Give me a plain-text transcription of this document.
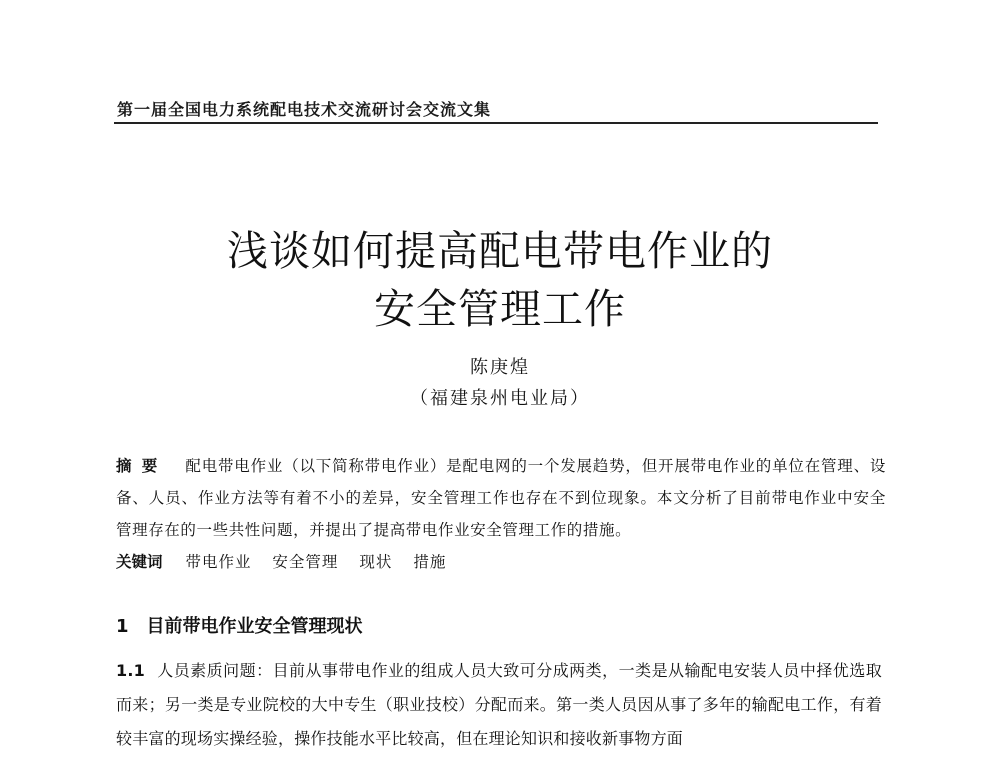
第一届全国电力系统配电技术交流研讨会交流文集
浅谈如何提高配电带电作业的
安全管理工作
陈庚煌
（福建泉州电业局）
摘要 配电带电作业（以下简称带电作业）是配电网的一个发展趋势，但开展带电作业的单位在管理、设备、人员、作业方法等有着不小的差异，安全管理工作也存在不到位现象。本文分析了目前带电作业中安全管理存在的一些共性问题，并提出了提高带电作业安全管理工作的措施。
关键词 带电作业 安全管理 现状 措施
1 目前带电作业安全管理现状
1.1 人员素质问题：目前从事带电作业的组成人员大致可分成两类，一类是从输配电安装人员中择优选取而来；另一类是专业院校的大中专生（职业技校）分配而来。第一类人员因从事了多年的输配电工作，有着较丰富的现场实操经验，操作技能水平比较高，但在理论知识和接收新事物方面
